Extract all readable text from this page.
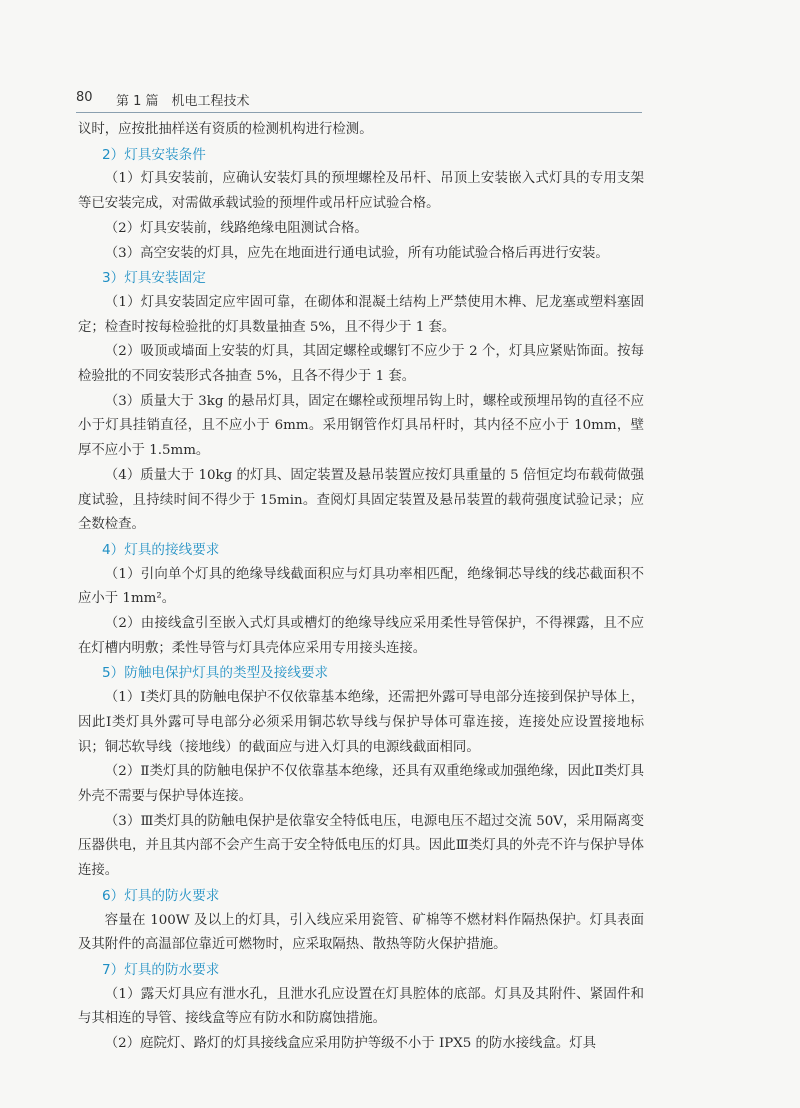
80 第 1 篇　机电工程技术

议时，应按批抽样送有资质的检测机构进行检测。

2）灯具安装条件

（1）灯具安装前，应确认安装灯具的预埋螺栓及吊杆、吊顶上安装嵌入式灯具的专用支架等已安装完成，对需做承载试验的预埋件或吊杆应试验合格。

（2）灯具安装前，线路绝缘电阻测试合格。

（3）高空安装的灯具，应先在地面进行通电试验，所有功能试验合格后再进行安装。

3）灯具安装固定

（1）灯具安装固定应牢固可靠，在砌体和混凝土结构上严禁使用木榫、尼龙塞或塑料塞固定；检查时按每检验批的灯具数量抽查 5%，且不得少于 1 套。

（2）吸顶或墙面上安装的灯具，其固定螺栓或螺钉不应少于 2 个，灯具应紧贴饰面。按每检验批的不同安装形式各抽查 5%，且各不得少于 1 套。

（3）质量大于 3kg 的悬吊灯具，固定在螺栓或预埋吊钩上时，螺栓或预埋吊钩的直径不应小于灯具挂销直径，且不应小于 6mm。采用钢管作灯具吊杆时，其内径不应小于 10mm，壁厚不应小于 1.5mm。

（4）质量大于 10kg 的灯具、固定装置及悬吊装置应按灯具重量的 5 倍恒定均布载荷做强度试验，且持续时间不得少于 15min。查阅灯具固定装置及悬吊装置的载荷强度试验记录；应全数检查。

4）灯具的接线要求

（1）引向单个灯具的绝缘导线截面积应与灯具功率相匹配，绝缘铜芯导线的线芯截面积不应小于 1mm²。

（2）由接线盒引至嵌入式灯具或槽灯的绝缘导线应采用柔性导管保护，不得裸露，且不应在灯槽内明敷；柔性导管与灯具壳体应采用专用接头连接。

5）防触电保护灯具的类型及接线要求

（1）Ⅰ类灯具的防触电保护不仅依靠基本绝缘，还需把外露可导电部分连接到保护导体上，因此Ⅰ类灯具外露可导电部分必须采用铜芯软导线与保护导体可靠连接，连接处应设置接地标识；铜芯软导线（接地线）的截面应与进入灯具的电源线截面相同。

（2）Ⅱ类灯具的防触电保护不仅依靠基本绝缘，还具有双重绝缘或加强绝缘，因此Ⅱ类灯具外壳不需要与保护导体连接。

（3）Ⅲ类灯具的防触电保护是依靠安全特低电压，电源电压不超过交流 50V，采用隔离变压器供电，并且其内部不会产生高于安全特低电压的灯具。因此Ⅲ类灯具的外壳不许与保护导体连接。

6）灯具的防火要求

容量在 100W 及以上的灯具，引入线应采用瓷管、矿棉等不燃材料作隔热保护。灯具表面及其附件的高温部位靠近可燃物时，应采取隔热、散热等防火保护措施。

7）灯具的防水要求

（1）露天灯具应有泄水孔，且泄水孔应设置在灯具腔体的底部。灯具及其附件、紧固件和与其相连的导管、接线盒等应有防水和防腐蚀措施。

（2）庭院灯、路灯的灯具接线盒应采用防护等级不小于 IPX5 的防水接线盒。灯具
